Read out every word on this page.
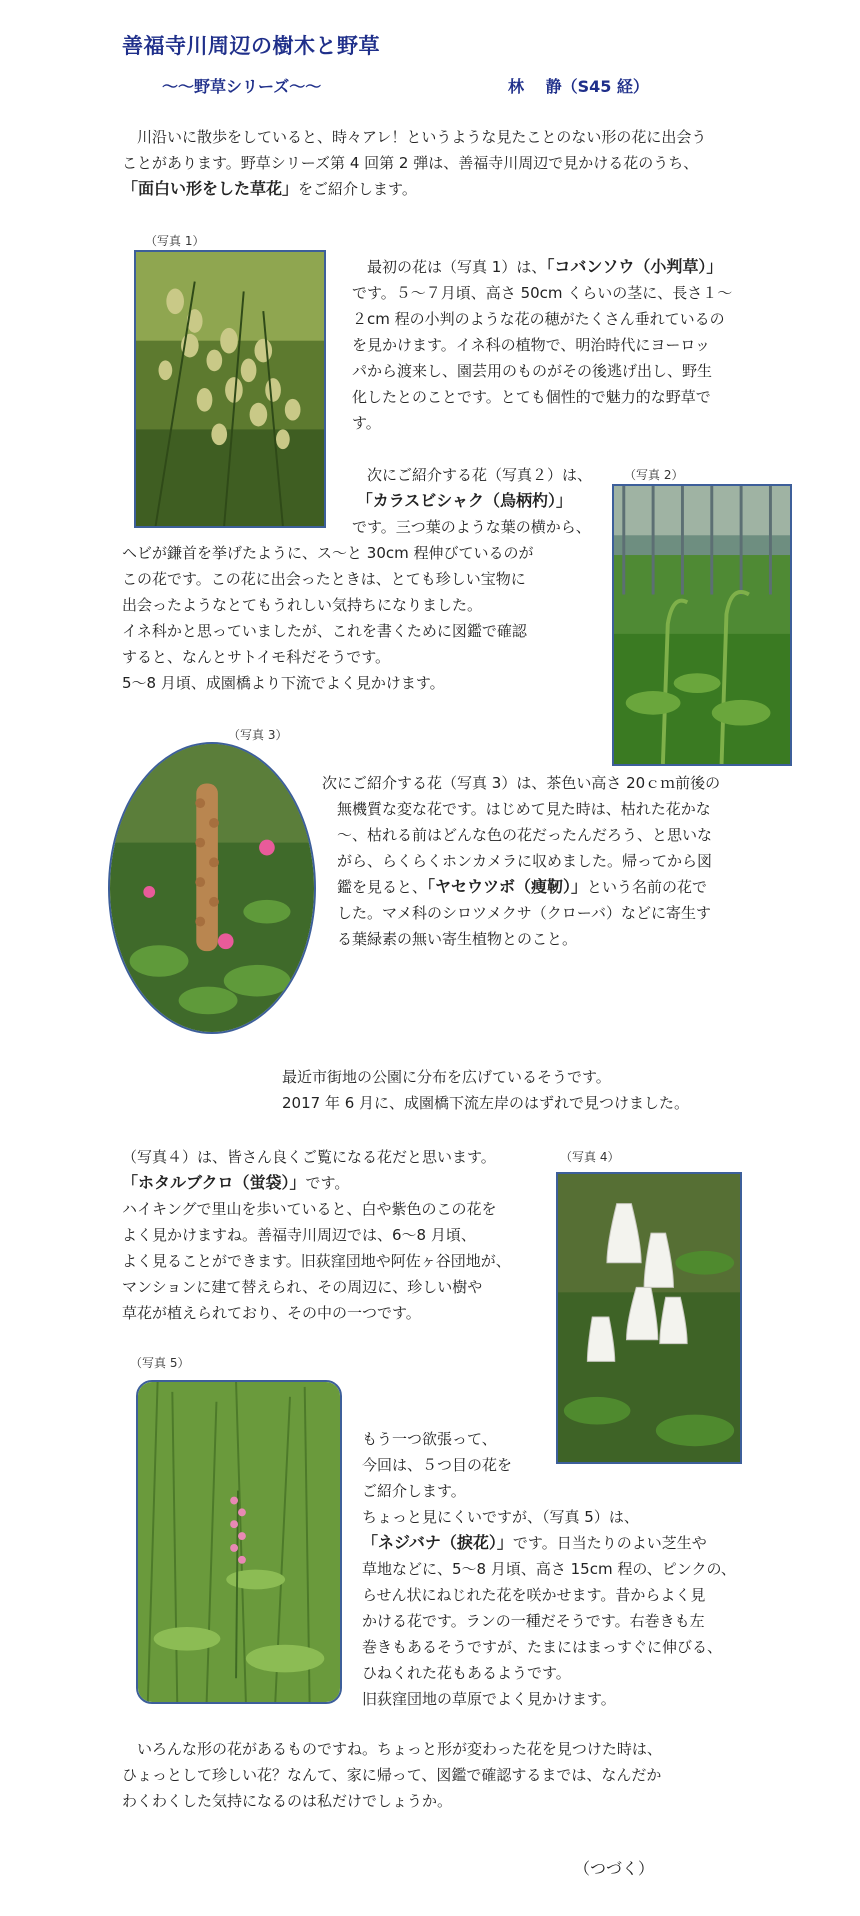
善福寺川周辺の樹木と野草
～～野草シリーズ～～	林　 静（S45 経）
　川沿いに散歩をしていると、時々アレ！というような見たことのない形の花に出会う
ことがあります。野草シリーズ第 4 回第 2 弾は、善福寺川周辺で見かける花のうち、
「面白い形をした草花」をご紹介します。
（写真 1）
　最初の花は（写真 1）は、「コバンソウ（小判草）」
です。５～７月頃、高さ 50cm くらいの茎に、長さ１～
２cm 程の小判のような花の穂がたくさん垂れているの
を見かけます。イネ科の植物で、明治時代にヨーロッ
パから渡来し、園芸用のものがその後逃げ出し、野生
化したとのことです。とても個性的で魅力的な野草で
す。
（写真 2）
　次にご紹介する花（写真２）は、
「カラスビシャク（烏柄杓）」
です。三つ葉のような葉の横から、
ヘビが鎌首を挙げたように、ス～と 30cm 程伸びているのが
この花です。この花に出会ったときは、とても珍しい宝物に
出会ったようなとてもうれしい気持ちになりました。
イネ科かと思っていましたが、これを書くために図鑑で確認
すると、なんとサトイモ科だそうです。
5～8 月頃、成園橋より下流でよく見かけます。
（写真 3）
次にご紹介する花（写真 3）は、茶色い高さ 20ｃｍ前後の
無機質な変な花です。はじめて見た時は、枯れた花かな
～、枯れる前はどんな色の花だったんだろう、と思いな
がら、らくらくホンカメラに収めました。帰ってから図
鑑を見ると、「ヤセウツボ（痩靭）」という名前の花で
した。マメ科のシロツメクサ（クローバ）などに寄生す
る葉緑素の無い寄生植物とのこと。
最近市街地の公園に分布を広げているそうです。
2017 年 6 月に、成園橋下流左岸のはずれで見つけました。
（写真 4）
（写真４）は、皆さん良くご覧になる花だと思います。
「ホタルブクロ（蛍袋）」です。
ハイキングで里山を歩いていると、白や紫色のこの花を
よく見かけますね。善福寺川周辺では、6～8 月頃、
よく見ることができます。旧荻窪団地や阿佐ヶ谷団地が、
マンションに建て替えられ、その周辺に、珍しい樹や
草花が植えられており、その中の一つです。
（写真 5）
もう一つ欲張って、
今回は、５つ目の花を
ご紹介します。
ちょっと見にくいですが、（写真 5）は、
「ネジバナ（捩花）」です。日当たりのよい芝生や
草地などに、5～8 月頃、高さ 15cm 程の、ピンクの、
らせん状にねじれた花を咲かせます。昔からよく見
かける花です。ランの一種だそうです。右巻きも左
巻きもあるそうですが、たまにはまっすぐに伸びる、
ひねくれた花もあるようです。
旧荻窪団地の草原でよく見かけます。
　いろんな形の花があるものですね。ちょっと形が変わった花を見つけた時は、
ひょっとして珍しい花？なんて、家に帰って、図鑑で確認するまでは、なんだか
わくわくした気持になるのは私だけでしょうか。
（つづく）
